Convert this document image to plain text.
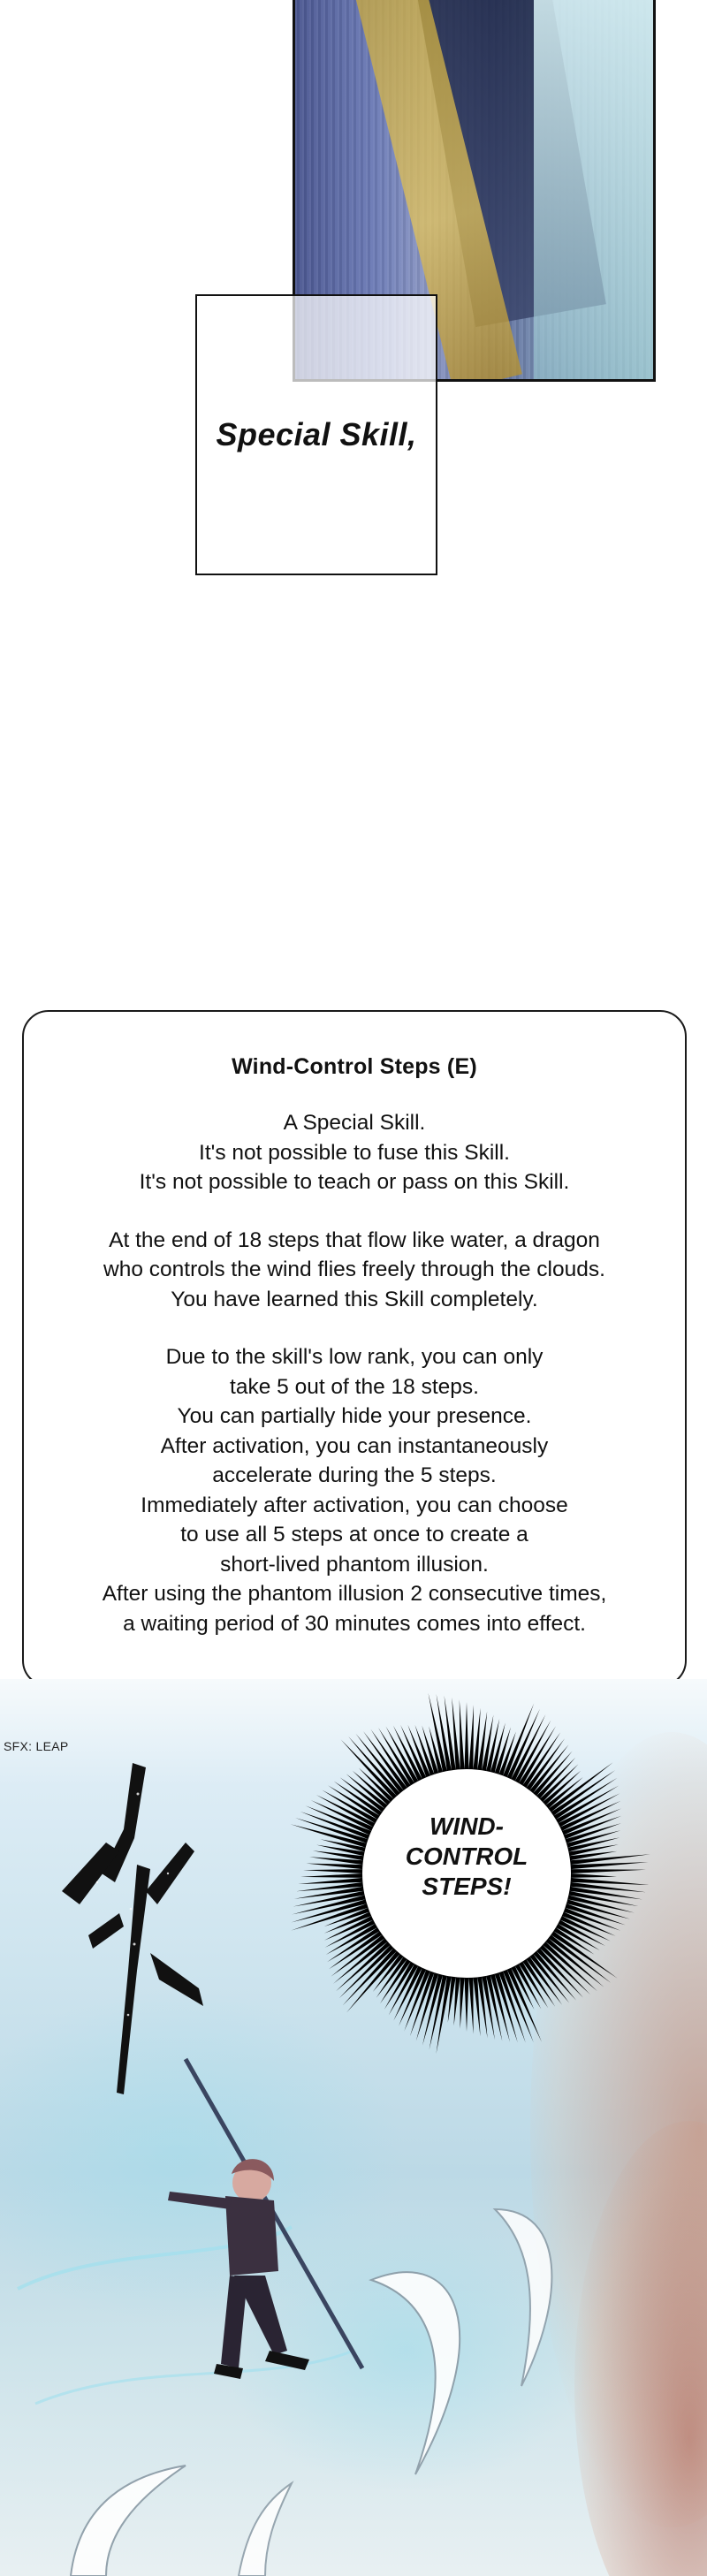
Special Skill,
Wind-Control Steps (E)
A Special Skill.
It's not possible to fuse this Skill.
It's not possible to teach or pass on this Skill.
At the end of 18 steps that flow like water, a dragon
who controls the wind flies freely through the clouds.
You have learned this Skill completely.
Due to the skill's low rank, you can only
take 5 out of the 18 steps.
You can partially hide your presence.
After activation, you can instantaneously
accelerate during the 5 steps.
Immediately after activation, you can choose
to use all 5 steps at once to create a
short-lived phantom illusion.
After using the phantom illusion 2 consecutive times,
a waiting period of 30 minutes comes into effect.
SFX: LEAP
WIND-
CONTROL
STEPS!
